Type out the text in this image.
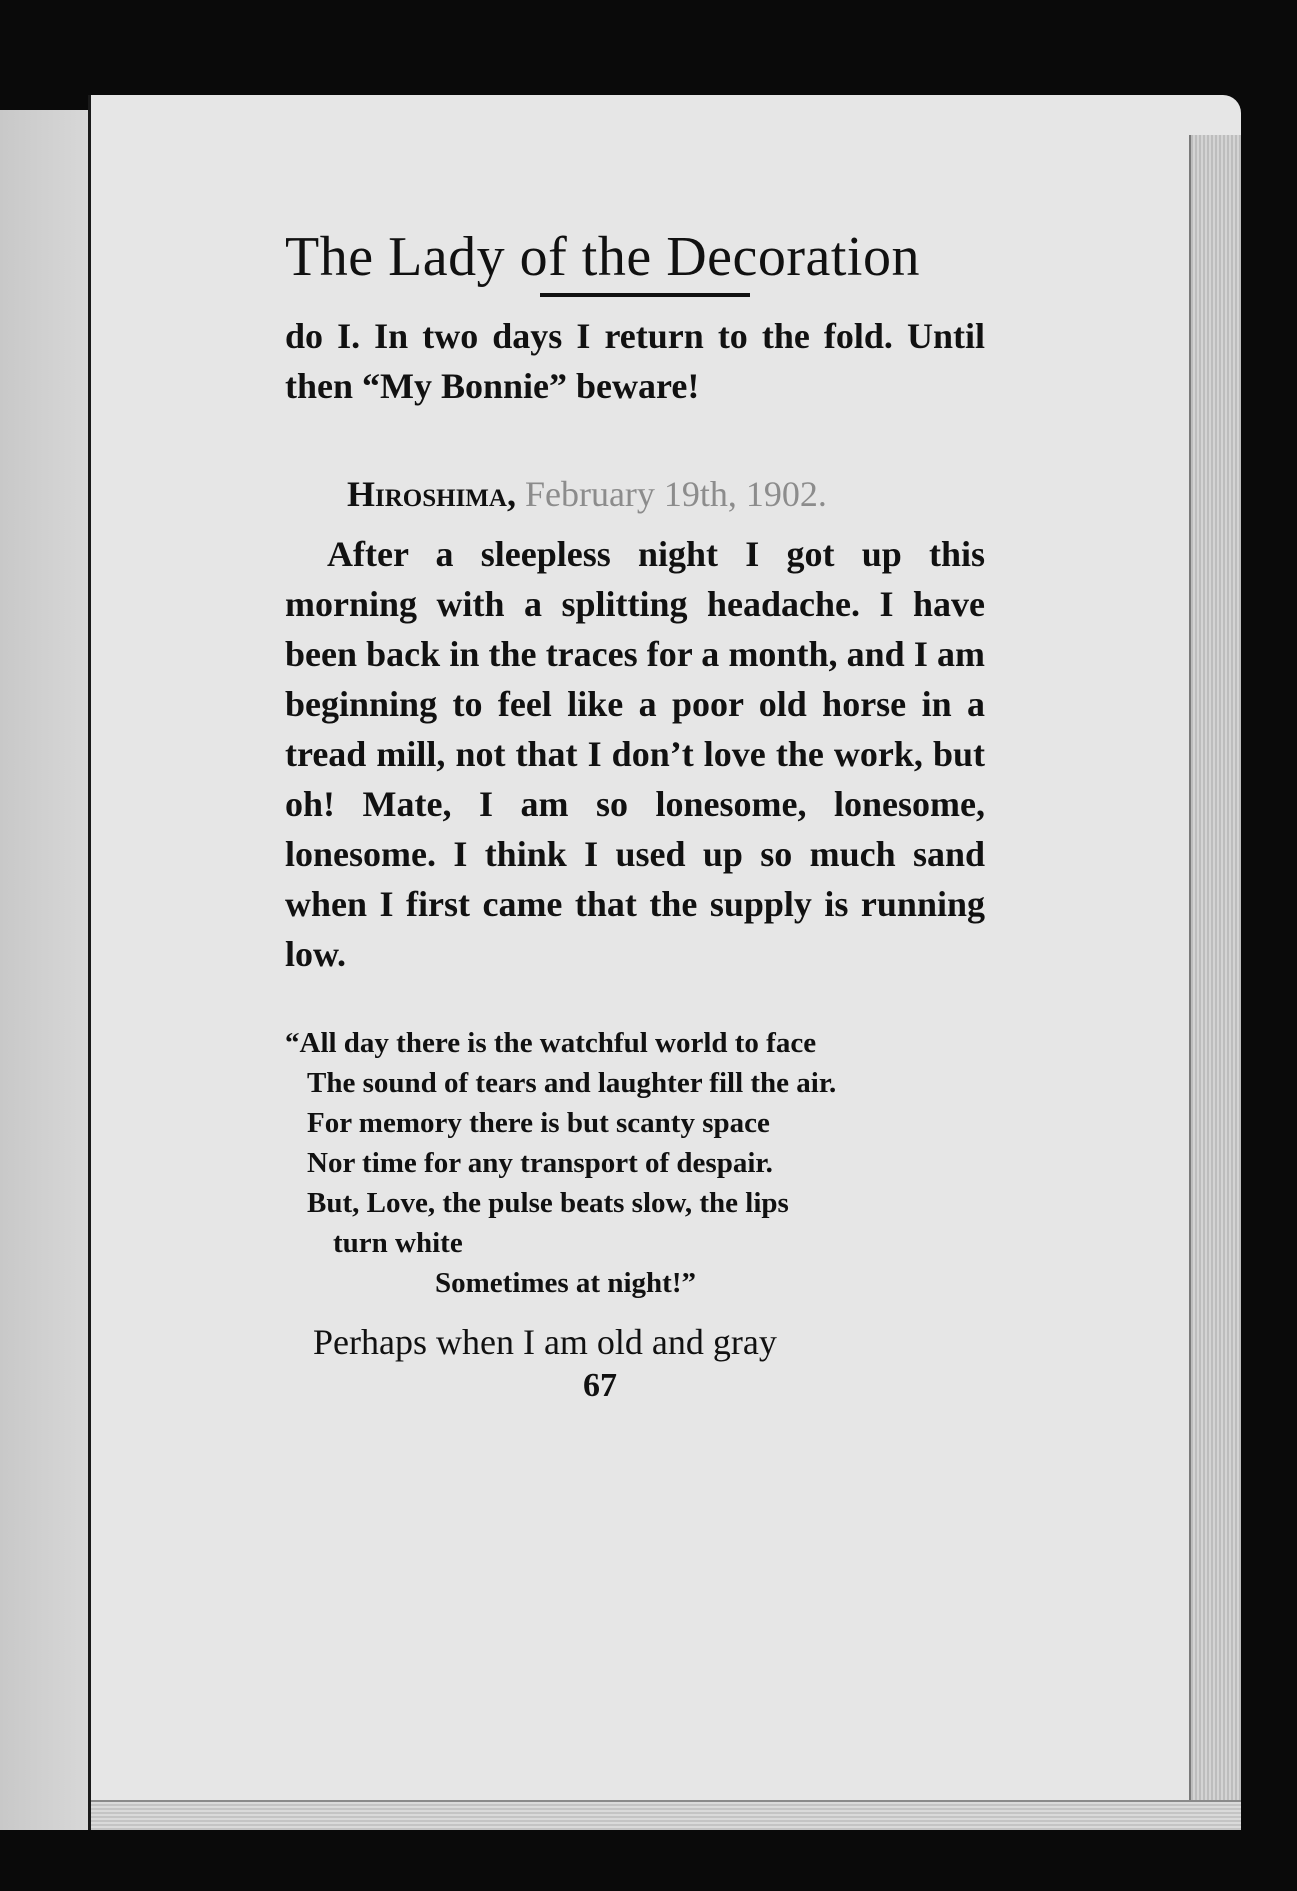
The Lady of the Decoration

do I. In two days I return to the fold. Until then “My Bonnie” beware!

Hiroshima, February 19th, 1902.

After a sleepless night I got up this morning with a splitting headache. I have been back in the traces for a month, and I am beginning to feel like a poor old horse in a tread mill, not that I don’t love the work, but oh! Mate, I am so lonesome, lonesome, lonesome. I think I used up so much sand when I first came that the supply is running low.

“All day there is the watchful world to face
The sound of tears and laughter fill the air.
For memory there is but scanty space
Nor time for any transport of despair.
But, Love, the pulse beats slow, the lips
turn white
Sometimes at night!”

Perhaps when I am old and gray

67
